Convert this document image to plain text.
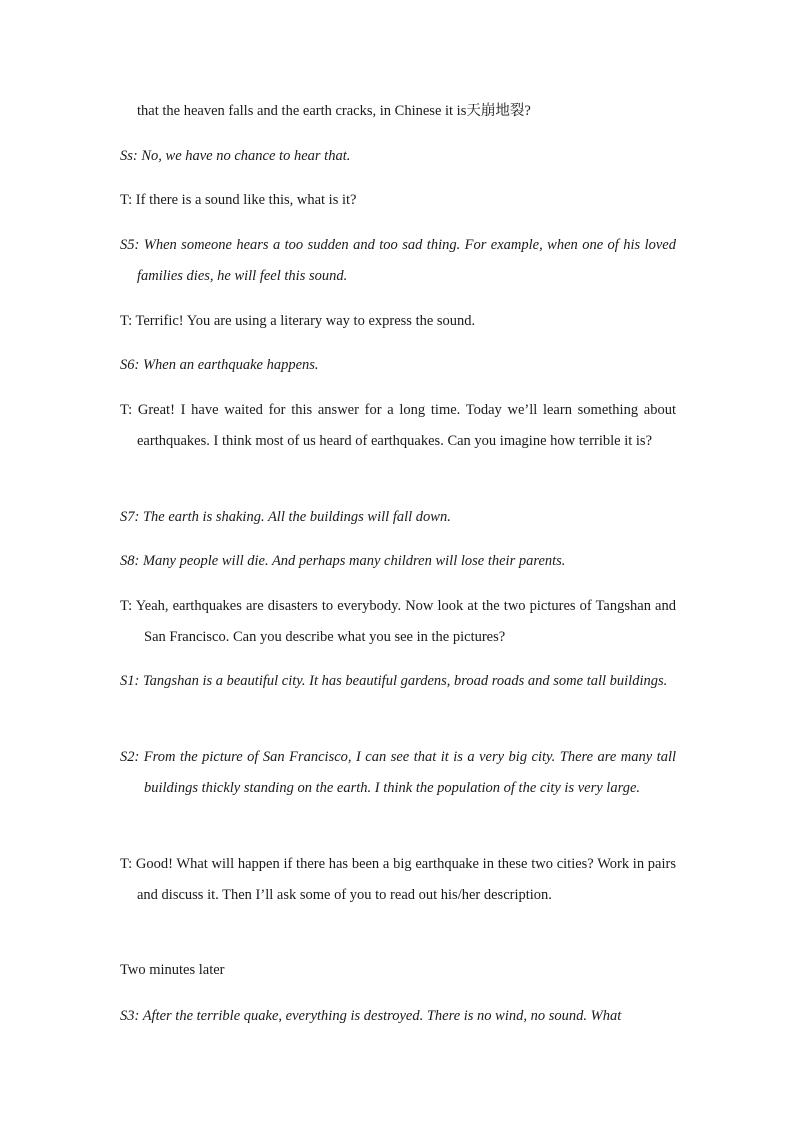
that the heaven falls and the earth cracks, in Chinese it is天崩地裂?
Ss: No, we have no chance to hear that.
T: If there is a sound like this, what is it?
S5: When someone hears a too sudden and too sad thing. For example, when one of his loved families dies, he will feel this sound.
T: Terrific! You are using a literary way to express the sound.
S6: When an earthquake happens.
T: Great! I have waited for this answer for a long time. Today we’ll learn something about earthquakes. I think most of us heard of earthquakes. Can you imagine how terrible it is?
S7: The earth is shaking. All the buildings will fall down.
S8: Many people will die. And perhaps many children will lose their parents.
T: Yeah, earthquakes are disasters to everybody. Now look at the two pictures of Tangshan and San Francisco. Can you describe what you see in the pictures?
S1: Tangshan is a beautiful city. It has beautiful gardens, broad roads and some tall buildings.
S2: From the picture of San Francisco, I can see that it is a very big city. There are many tall buildings thickly standing on the earth. I think the population of the city is very large.
T: Good! What will happen if there has been a big earthquake in these two cities? Work in pairs and discuss it. Then I’ll ask some of you to read out his/her description.
Two minutes later
S3: After the terrible quake, everything is destroyed. There is no wind, no sound. What
